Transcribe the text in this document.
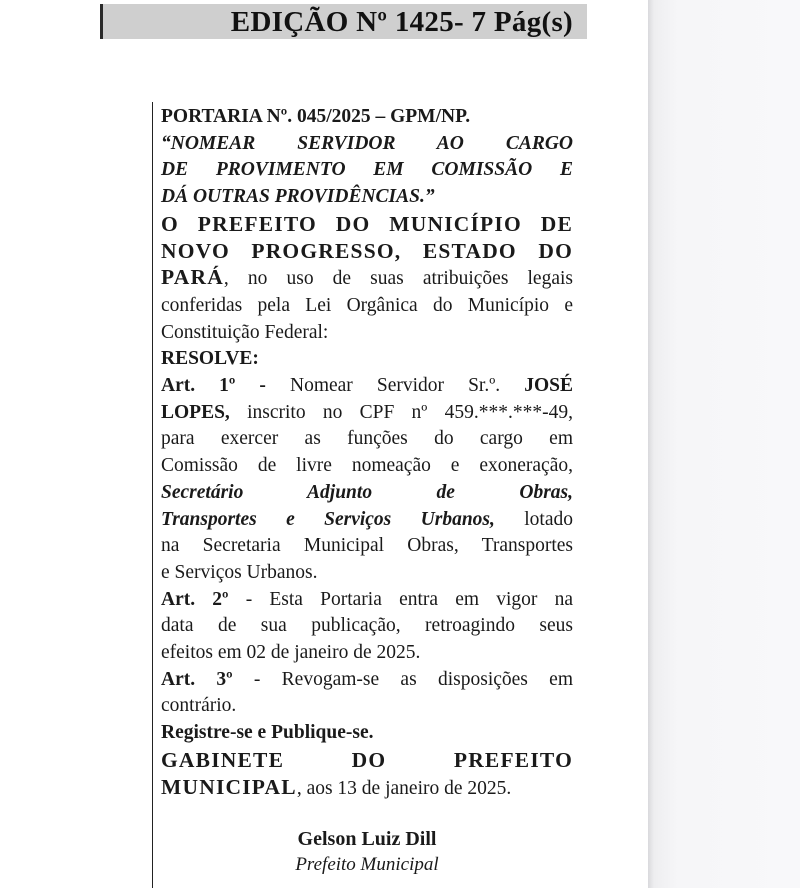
EDIÇÃO Nº 1425- 7 Pág(s)

PORTARIA Nº. 045/2025 – GPM/NP.

“NOMEAR SERVIDOR AO CARGO

DE PROVIMENTO EM COMISSÃO E

DÁ OUTRAS PROVIDÊNCIAS.”

O PREFEITO DO MUNICÍPIO DE

NOVO PROGRESSO, ESTADO DO

PARÁ, no uso de suas atribuições legais

conferidas pela Lei Orgânica do Município e

Constituição Federal:

RESOLVE:

Art. 1º - Nomear Servidor Sr.º. JOSÉ

LOPES, inscrito no CPF nº 459.***.***-49,

para exercer as funções do cargo em

Comissão de livre nomeação e exoneração,

Secretário Adjunto de Obras,

Transportes e Serviços Urbanos, lotado

na Secretaria Municipal Obras, Transportes

e Serviços Urbanos.

Art. 2º - Esta Portaria entra em vigor na

data de sua publicação, retroagindo seus

efeitos em 02 de janeiro de 2025.

Art. 3º - Revogam-se as disposições em

contrário.

Registre-se e Publique-se.

GABINETE DO PREFEITO

MUNICIPAL, aos 13 de janeiro de 2025.

Gelson Luiz Dill
Prefeito Municipal
